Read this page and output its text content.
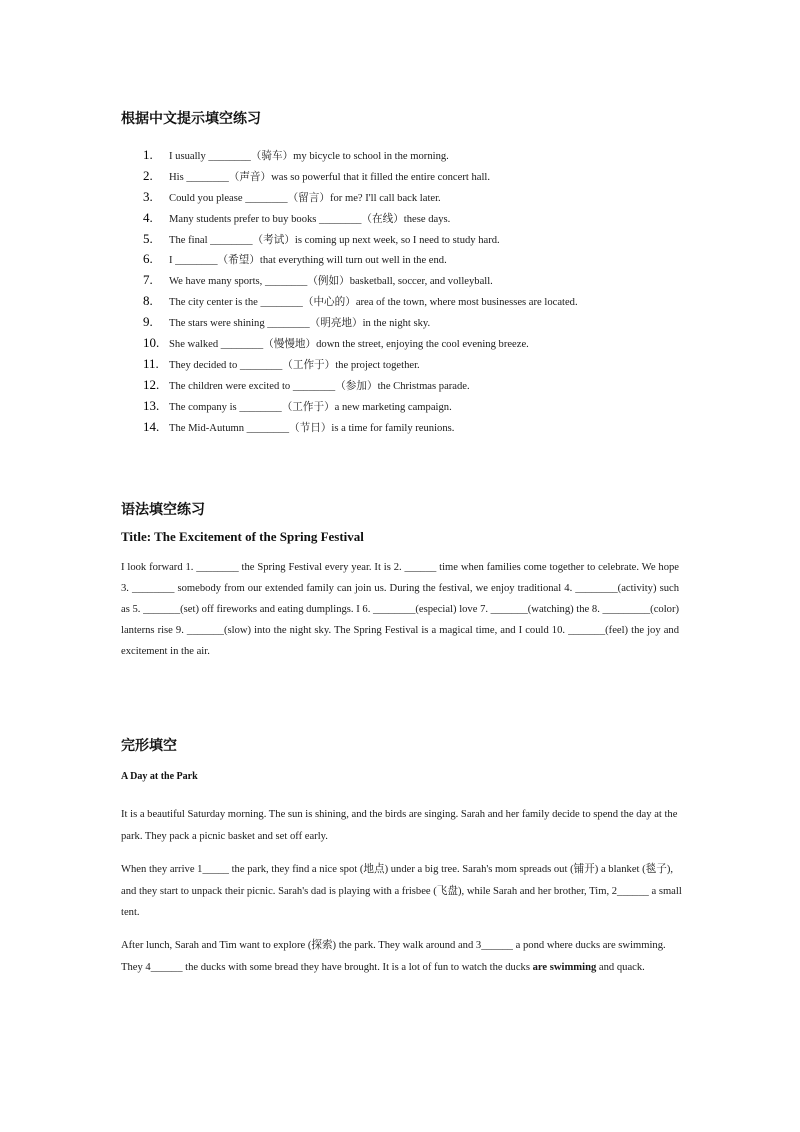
根据中文提示填空练习
1. I usually ________（骑车）my bicycle to school in the morning.
2. His ________（声音）was so powerful that it filled the entire concert hall.
3. Could you please ________（留言）for me? I'll call back later.
4. Many students prefer to buy books ________（在线）these days.
5. The final ________（考试）is coming up next week, so I need to study hard.
6. I ________（希望）that everything will turn out well in the end.
7. We have many sports, ________（例如）basketball, soccer, and volleyball.
8. The city center is the ________（中心的）area of the town, where most businesses are located.
9. The stars were shining ________（明亮地）in the night sky.
10. She walked ________（慢慢地）down the street, enjoying the cool evening breeze.
11. They decided to ________（工作于）the project together.
12. The children were excited to ________（参加）the Christmas parade.
13. The company is ________（工作于）a new marketing campaign.
14. The Mid-Autumn ________（节日）is a time for family reunions.
语法填空练习
Title: The Excitement of the Spring Festival

I look forward 1. ________ the Spring Festival every year. It is 2. ______ time when families come together to celebrate. We hope 3. ________ somebody from our extended family can join us. During the festival, we enjoy traditional 4. ________(activity) such as 5. _______(set) off fireworks and eating dumplings. I 6. ________(especial) love 7. _______(watching) the 8. _________(color) lanterns rise 9. _______(slow) into the night sky. The Spring Festival is a magical time, and I could 10. _______(feel) the joy and excitement in the air.

完形填空
A Day at the Park

It is a beautiful Saturday morning. The sun is shining, and the birds are singing. Sarah and her family decide to spend the day at the park. They pack a picnic basket and set off early.

When they arrive 1_____ the park, they find a nice spot (地点) under a big tree. Sarah's mom spreads out (铺开) a blanket (毯子), and they start to unpack their picnic. Sarah's dad is playing with a frisbee (飞盘), while Sarah and her brother, Tim, 2______ a small tent.

After lunch, Sarah and Tim want to explore (探索) the park. They walk around and 3______ a pond where ducks are swimming. They 4______ the ducks with some bread they have brought. It is a lot of fun to watch the ducks are swimming and quack.
